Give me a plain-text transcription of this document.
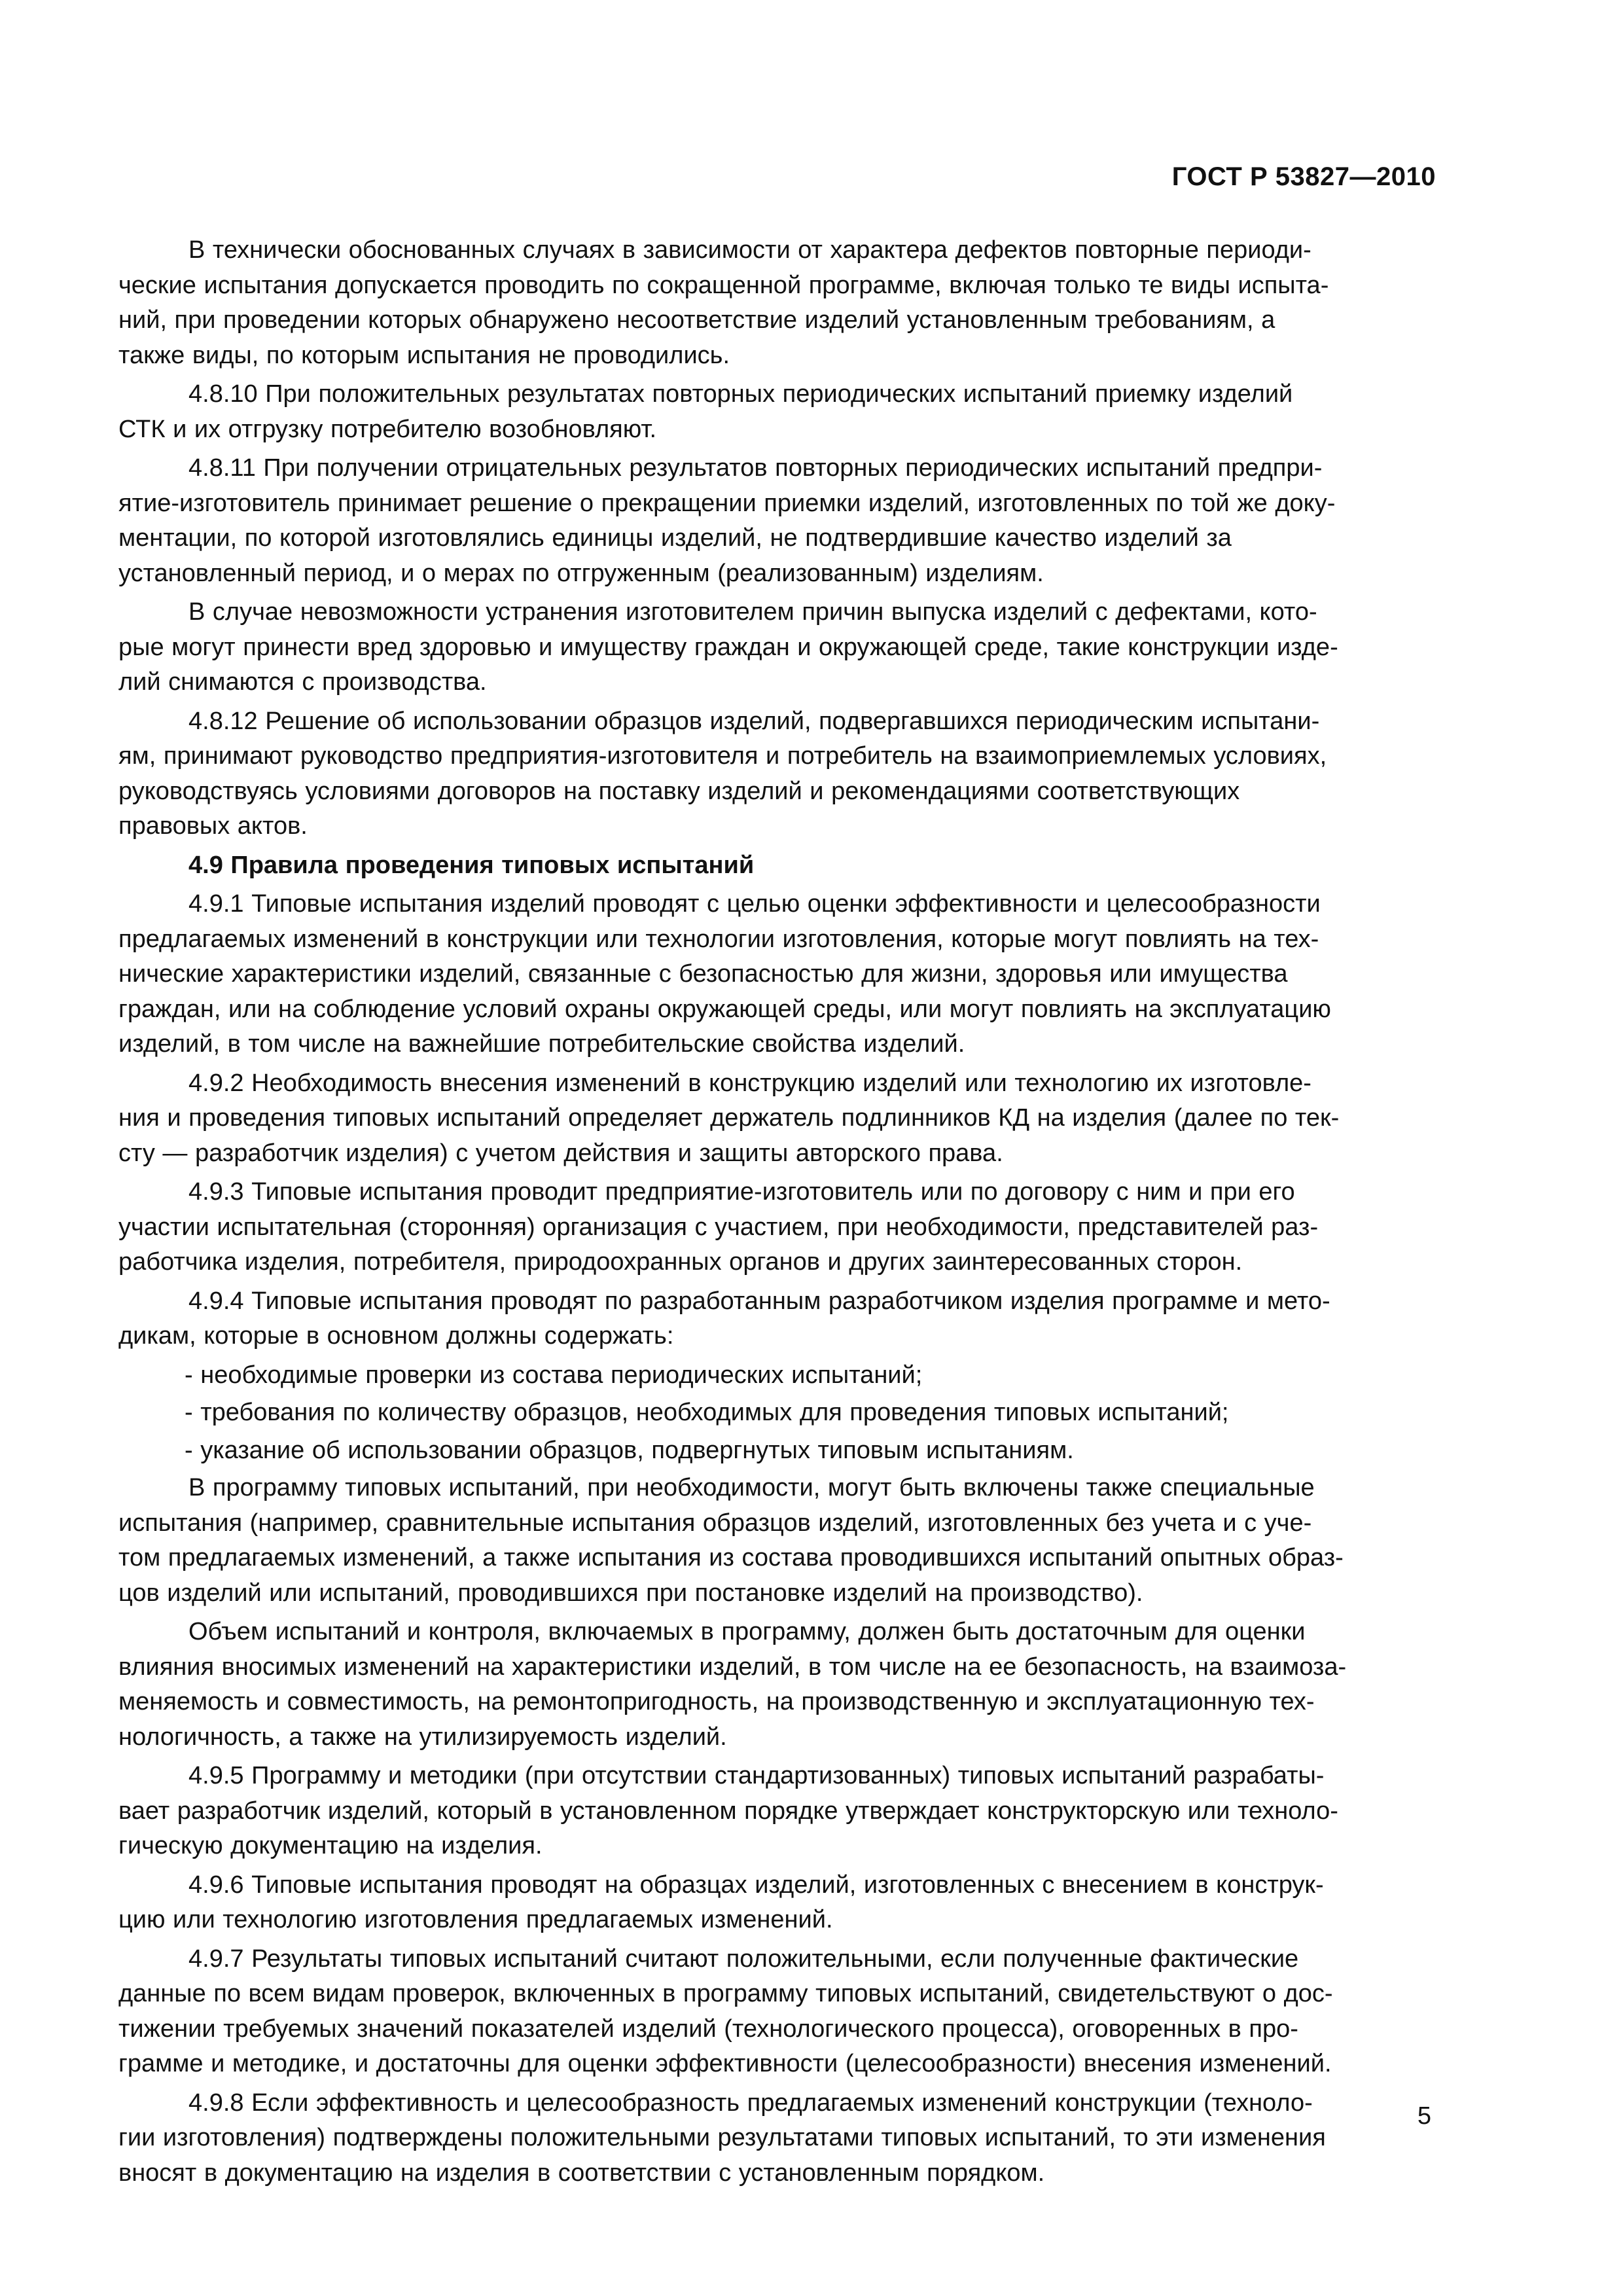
ГОСТ Р 53827—2010

В технически обоснованных случаях в зависимости от характера дефектов повторные периоди-
ческие испытания допускается проводить по сокращенной программе, включая только те виды испыта-
ний, при проведении которых обнаружено несоответствие изделий установленным требованиям, а
также виды, по которым испытания не проводились.

4.8.10 При положительных результатах повторных периодических испытаний приемку изделий
СТК и их отгрузку потребителю возобновляют.

4.8.11 При получении отрицательных результатов повторных периодических испытаний предпри-
ятие-изготовитель принимает решение о прекращении приемки изделий, изготовленных по той же доку-
ментации, по которой изготовлялись единицы изделий, не подтвердившие качество изделий за
установленный период, и о мерах по отгруженным (реализованным) изделиям.

В случае невозможности устранения изготовителем причин выпуска изделий с дефектами, кото-
рые могут принести вред здоровью и имуществу граждан и окружающей среде, такие конструкции изде-
лий снимаются с производства.

4.8.12 Решение об использовании образцов изделий, подвергавшихся периодическим испытани-
ям, принимают руководство предприятия-изготовителя и потребитель на взаимоприемлемых условиях,
руководствуясь условиями договоров на поставку изделий и рекомендациями соответствующих
правовых актов.

4.9 Правила проведения типовых испытаний

4.9.1 Типовые испытания изделий проводят с целью оценки эффективности и целесообразности
предлагаемых изменений в конструкции или технологии изготовления, которые могут повлиять на тех-
нические характеристики изделий, связанные с безопасностью для жизни, здоровья или имущества
граждан, или на соблюдение условий охраны окружающей среды, или могут повлиять на эксплуатацию
изделий, в том числе на важнейшие потребительские свойства изделий.

4.9.2 Необходимость внесения изменений в конструкцию изделий или технологию их изготовле-
ния и проведения типовых испытаний определяет держатель подлинников КД на изделия (далее по тек-
сту — разработчик изделия) с учетом действия и защиты авторского права.

4.9.3 Типовые испытания проводит предприятие-изготовитель или по договору с ним и при его
участии испытательная (сторонняя) организация с участием, при необходимости, представителей раз-
работчика изделия, потребителя, природоохранных органов и других заинтересованных сторон.

4.9.4 Типовые испытания проводят по разработанным разработчиком изделия программе и мето-
дикам, которые в основном должны содержать:

- необходимые проверки из состава периодических испытаний;

- требования по количеству образцов, необходимых для проведения типовых испытаний;

- указание об использовании образцов, подвергнутых типовым испытаниям.

В программу типовых испытаний, при необходимости, могут быть включены также специальные
испытания (например, сравнительные испытания образцов изделий, изготовленных без учета и с уче-
том предлагаемых изменений, а также испытания из состава проводившихся испытаний опытных образ-
цов изделий или испытаний, проводившихся при постановке изделий на производство).

Объем испытаний и контроля, включаемых в программу, должен быть достаточным для оценки
влияния вносимых изменений на характеристики изделий, в том числе на ее безопасность, на взаимоза-
меняемость и совместимость, на ремонтопригодность, на производственную и эксплуатационную тех-
нологичность, а также на утилизируемость изделий.

4.9.5 Программу и методики (при отсутствии стандартизованных) типовых испытаний разрабаты-
вает разработчик изделий, который в установленном порядке утверждает конструкторскую или техноло-
гическую документацию на изделия.

4.9.6 Типовые испытания проводят на образцах изделий, изготовленных с внесением в конструк-
цию или технологию изготовления предлагаемых изменений.

4.9.7 Результаты типовых испытаний считают положительными, если полученные фактические
данные по всем видам проверок, включенных в программу типовых испытаний, свидетельствуют о дос-
тижении требуемых значений показателей изделий (технологического процесса), оговоренных в про-
грамме и методике, и достаточны для оценки эффективности (целесообразности) внесения изменений.

4.9.8 Если эффективность и целесообразность предлагаемых изменений конструкции (техноло-
гии изготовления) подтверждены положительными результатами типовых испытаний, то эти изменения
вносят в документацию на изделия в соответствии с установленным порядком.

5
